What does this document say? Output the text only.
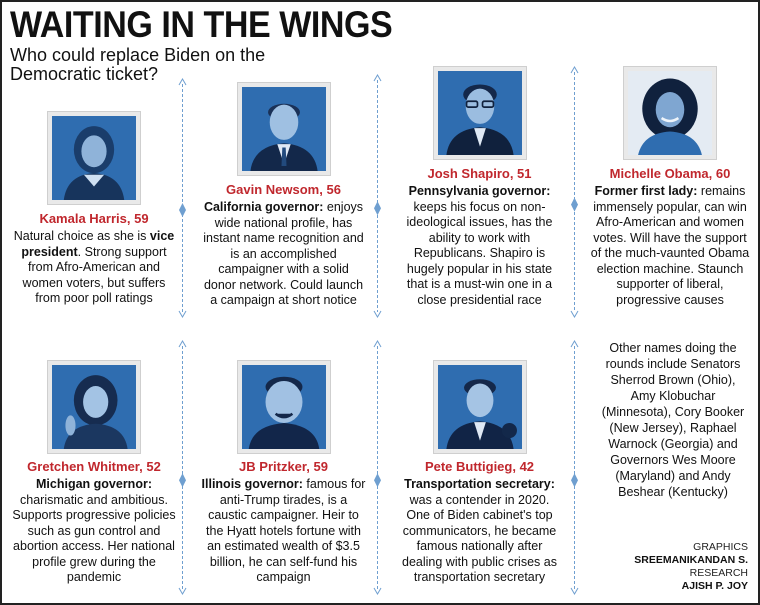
WAITING IN THE WINGS
Who could replace Biden on the Democratic ticket?
Kamala Harris, 59
Natural choice as she is vice president. Strong support from Afro-American and women voters, but suffers from poor poll ratings
Gavin Newsom, 56
California governor: enjoys wide national profile, has instant name recognition and is an accomplished campaigner with a solid donor network. Could launch a campaign at short notice
Josh Shapiro, 51
Pennsylvania governor: keeps his focus on non-ideological issues, has the ability to work with Republicans. Shapiro is hugely popular in his state that is a must-win one in a close presidential race
Michelle Obama, 60
Former first lady: remains immensely popular, can win Afro-American and women votes. Will have the support of the much-vaunted Obama election machine. Staunch supporter of liberal, progressive causes
Gretchen Whitmer, 52
Michigan governor: charismatic and ambitious. Supports progressive policies such as gun control and abortion access. Her national profile grew during the pandemic
JB Pritzker, 59
Illinois governor: famous for anti-Trump tirades, is a caustic campaigner. Heir to the Hyatt hotels fortune with an estimated wealth of $3.5 billion, he can self-fund his campaign
Pete Buttigieg, 42
Transportation secretary: was a contender in 2020. One of Biden cabinet's top communicators, he became famous nationally after dealing with public crises as transportation secretary
Other names doing the rounds include Senators Sherrod Brown (Ohio), Amy Klobuchar (Minnesota), Cory Booker (New Jersey), Raphael Warnock (Georgia) and Governors Wes Moore (Maryland) and Andy Beshear (Kentucky)
GRAPHICS
SREEMANIKANDAN S.
RESEARCH
AJISH P. JOY
